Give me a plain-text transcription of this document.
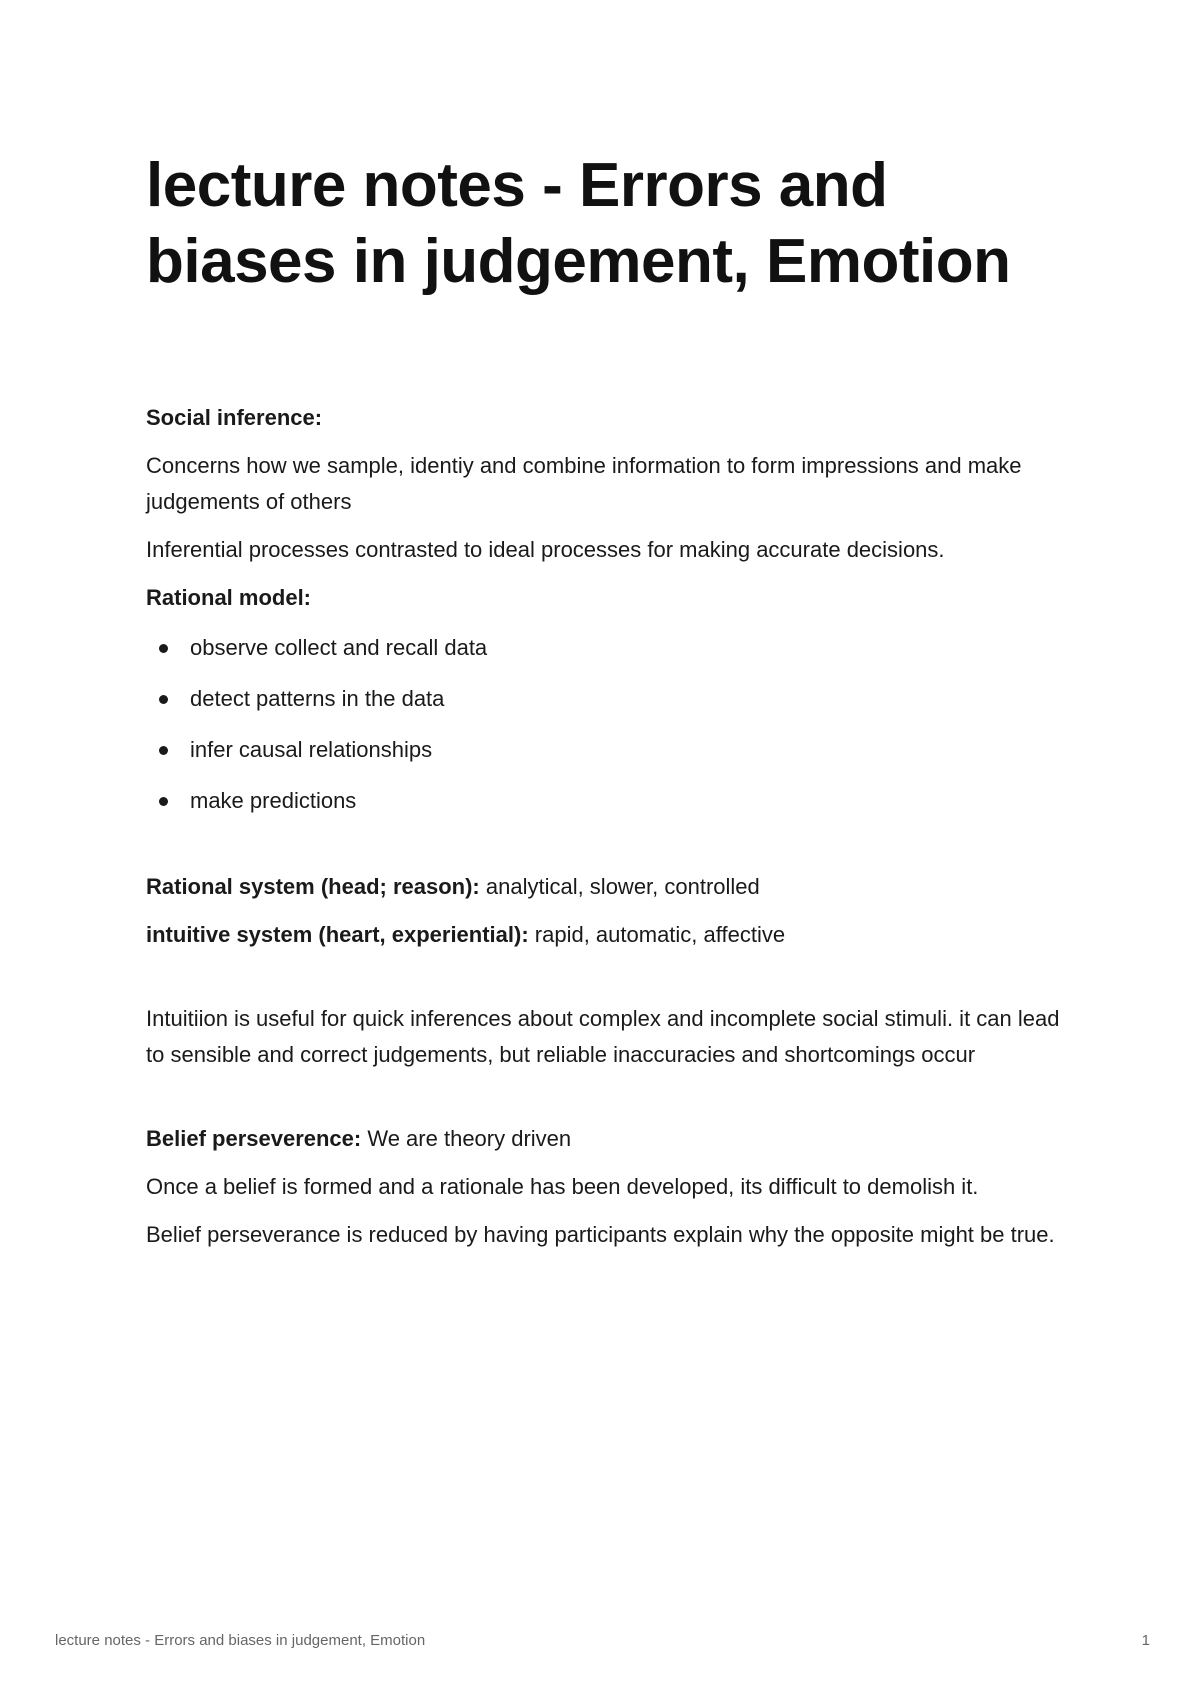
lecture notes - Errors and biases in judgement, Emotion
Social inference:

Concerns how we sample, identiy and combine information to form impressions and make judgements of others

Inferential processes contrasted to ideal processes for making accurate decisions.

Rational model:
observe collect and recall data
detect patterns in the data
infer causal relationships
make predictions

Rational system (head; reason): analytical, slower, controlled

intuitive system (heart, experiential): rapid, automatic, affective

Intuitiion is useful for quick inferences about complex and incomplete social stimuli. it can lead to sensible and correct judgements, but reliable inaccuracies and shortcomings occur

Belief perseverence: We are theory driven

Once a belief is formed and a rationale has been developed, its difficult to demolish it.

Belief perseverance is reduced by having participants explain why the opposite might be true.

lecture notes - Errors and biases in judgement, Emotion	1
